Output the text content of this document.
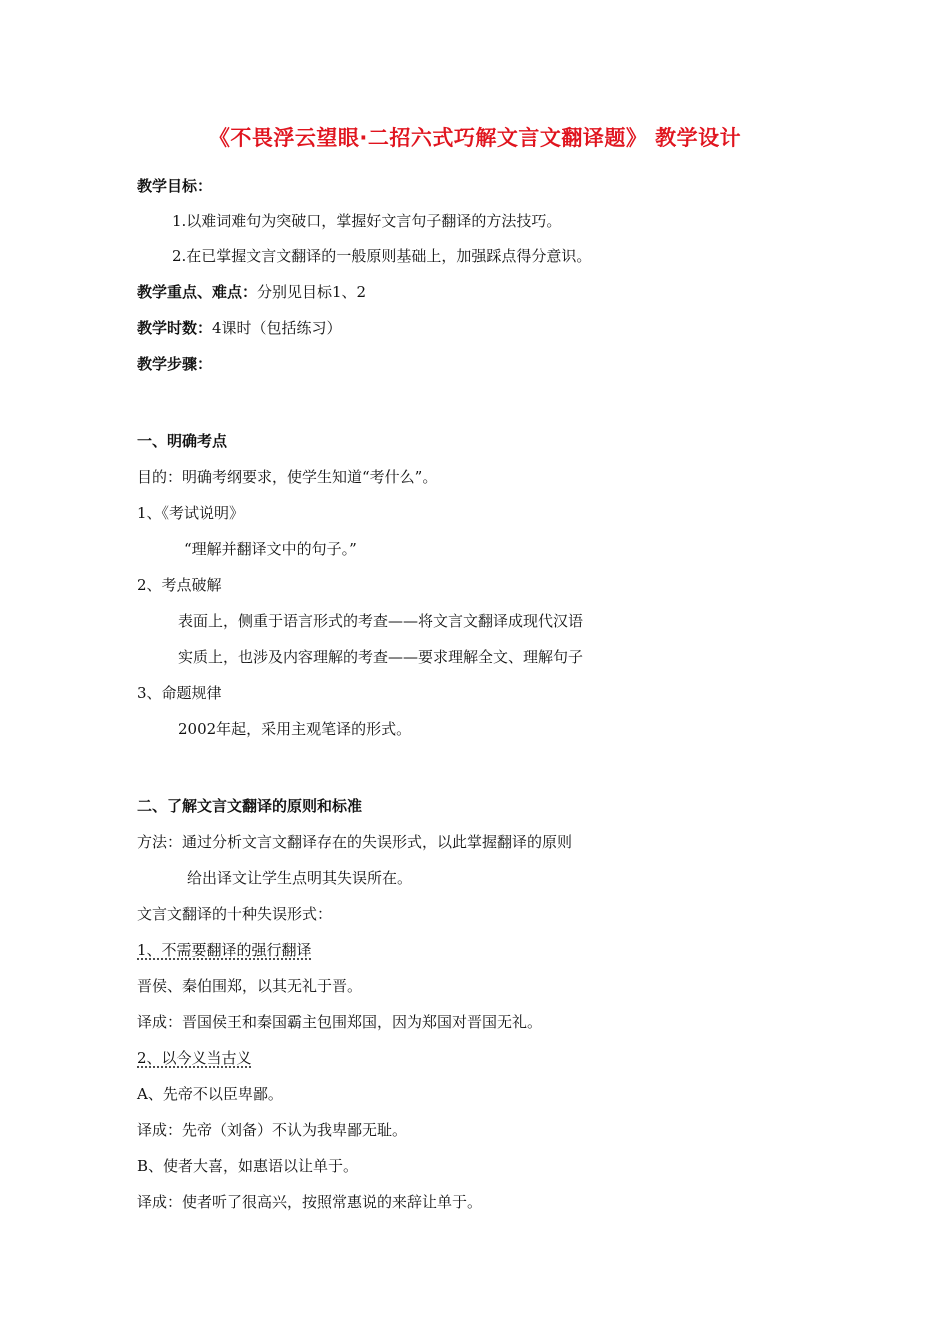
《不畏浮云望眼·二招六式巧解文言文翻译题》 教学设计
教学目标：
1.以难词难句为突破口，掌握好文言句子翻译的方法技巧。
2.在已掌握文言文翻译的一般原则基础上，加强踩点得分意识。
教学重点、难点：分别见目标1、2
教学时数：4课时（包括练习）
教学步骤：
一、明确考点
目的：明确考纲要求，使学生知道“考什么”。
1、《考试说明》
“理解并翻译文中的句子。”
2、考点破解
表面上，侧重于语言形式的考查——将文言文翻译成现代汉语
实质上，也涉及内容理解的考查——要求理解全文、理解句子
3、命题规律
2002年起，采用主观笔译的形式。
二、了解文言文翻译的原则和标准
方法：通过分析文言文翻译存在的失误形式，以此掌握翻译的原则
给出译文让学生点明其失误所在。
文言文翻译的十种失误形式：
1、不需要翻译的强行翻译
晋侯、秦伯围郑，以其无礼于晋。
译成：晋国侯王和秦国霸主包围郑国，因为郑国对晋国无礼。
2、以今义当古义
A、先帝不以臣卑鄙。
译成：先帝（刘备）不认为我卑鄙无耻。
B、使者大喜，如惠语以让单于。
译成：使者听了很高兴，按照常惠说的来辞让单于。
